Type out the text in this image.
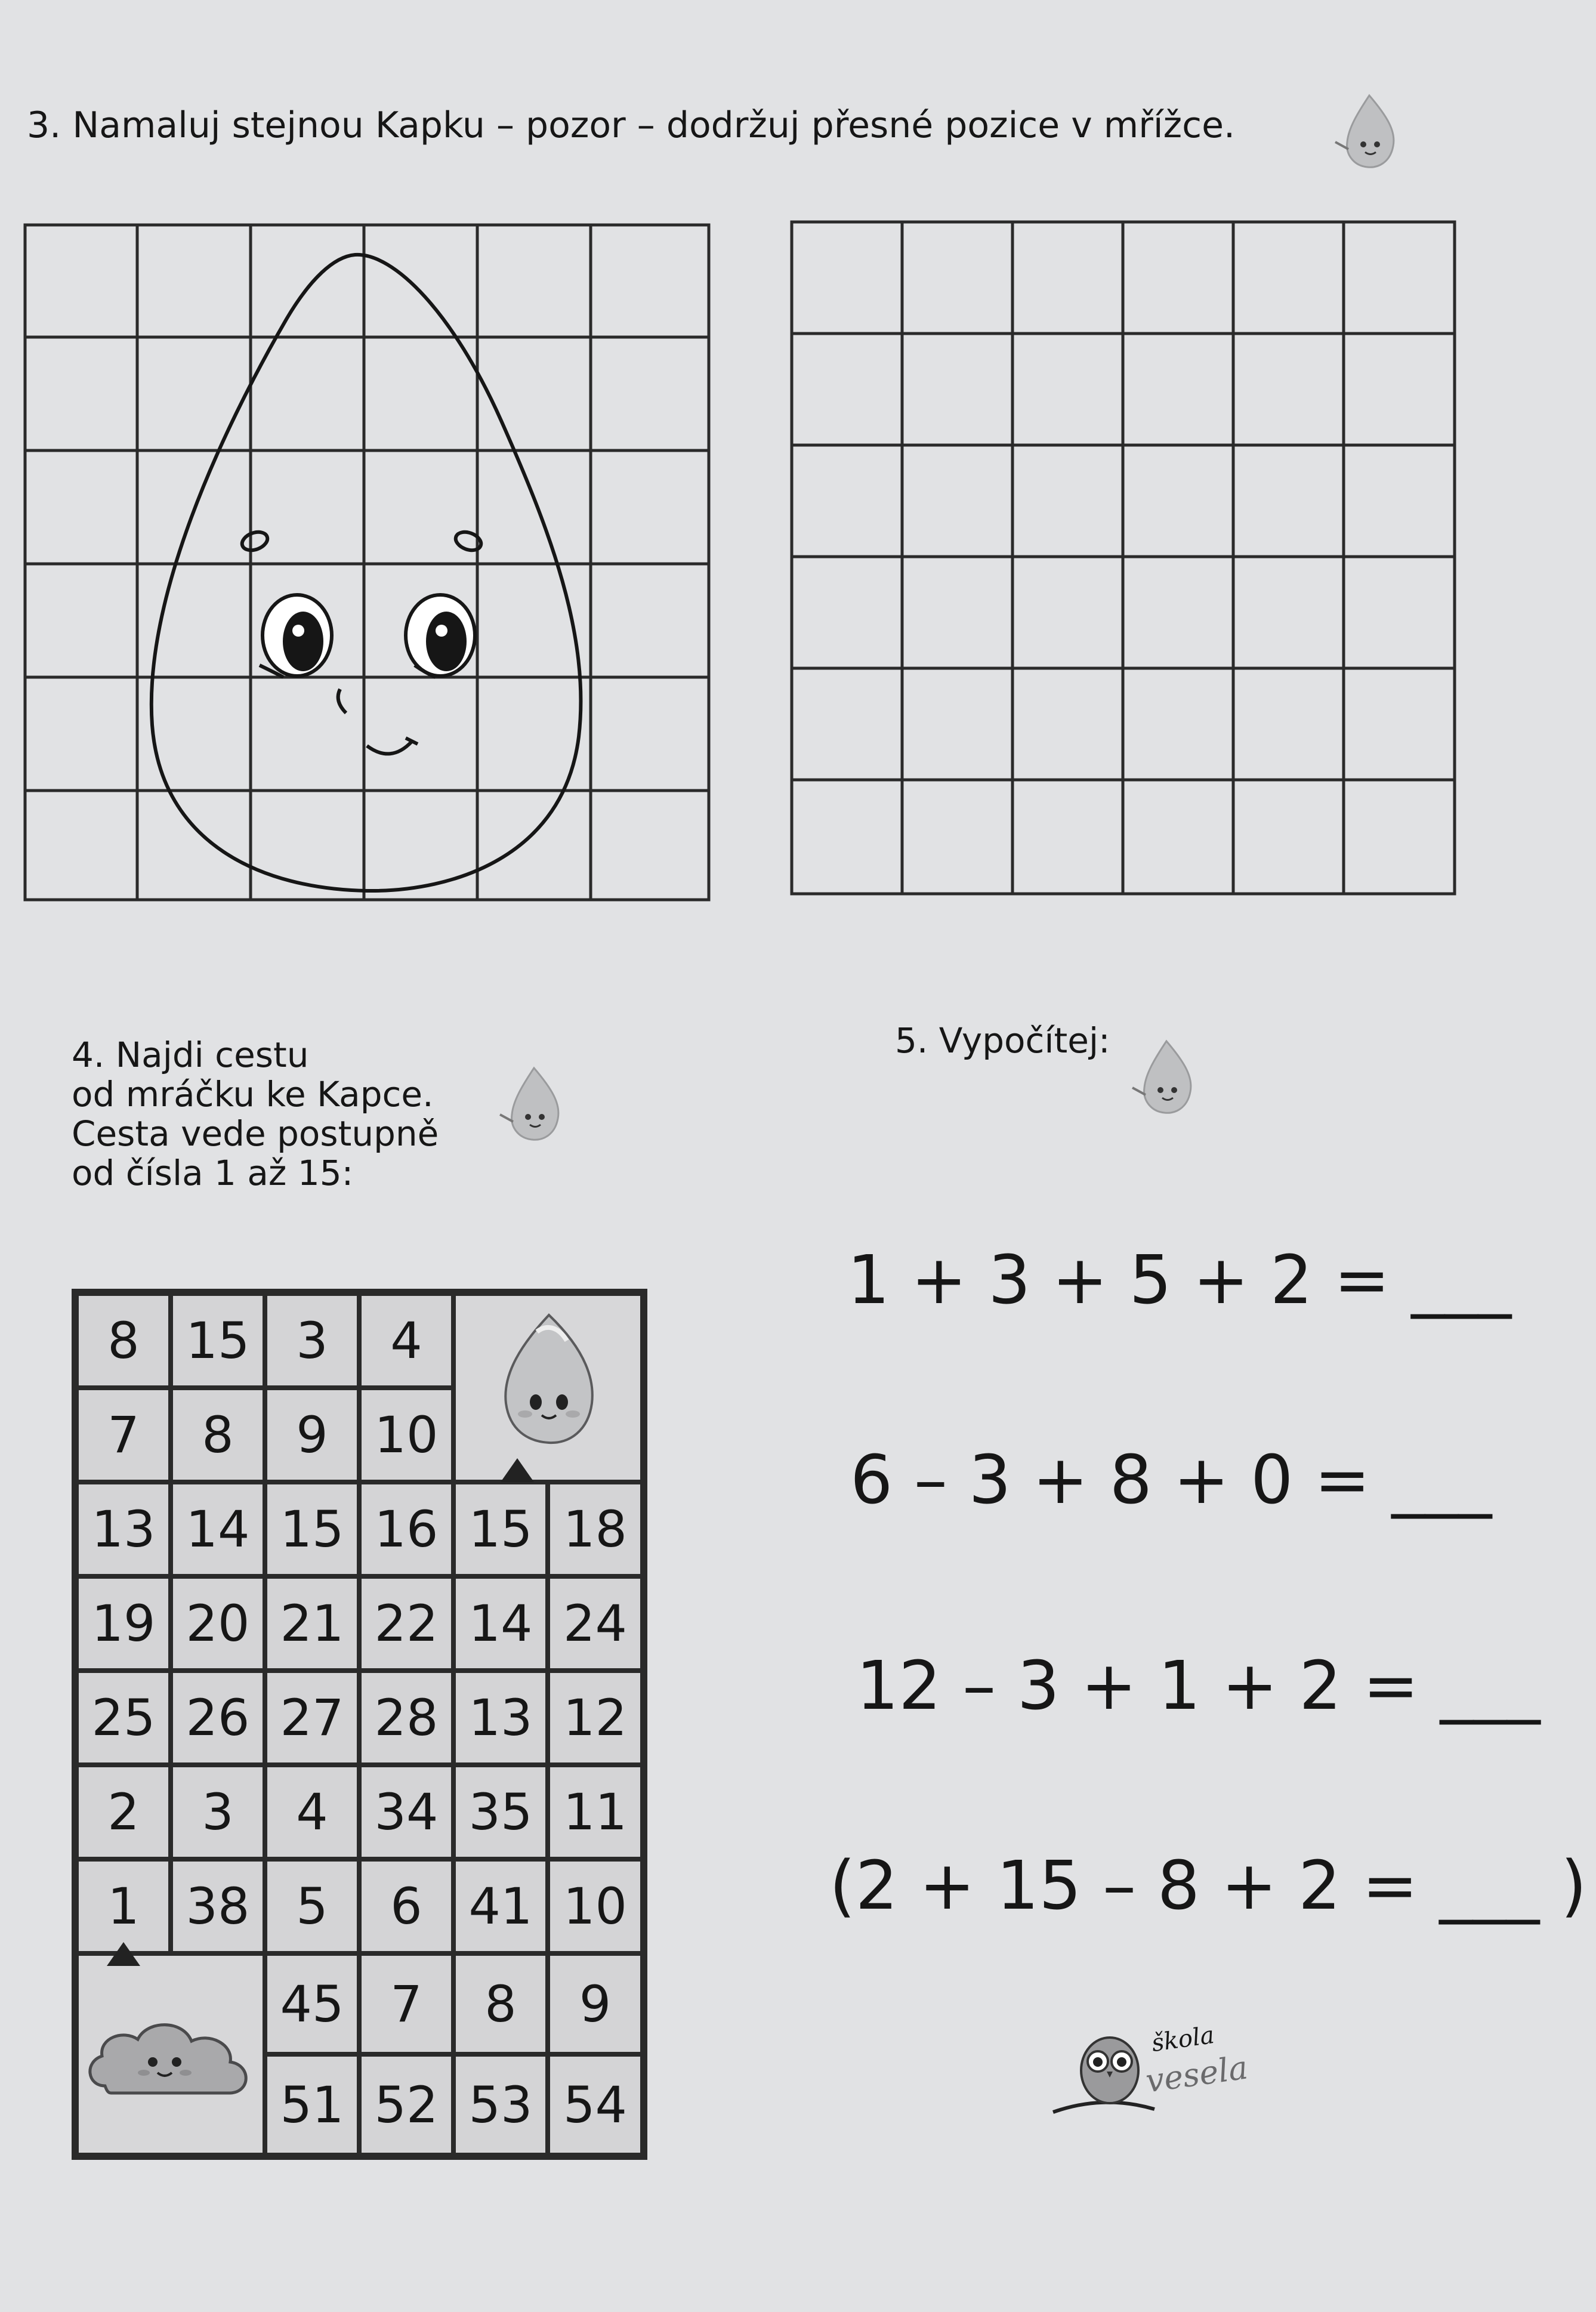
3. Namaluj stejnou Kapku – pozor – dodržuj přesné pozice v mřížce.
4. Najdi cestu
od mráčku ke Kapce.
Cesta vede postupně
od čísla 1 až 15:
5. Vypočítej:
8 15 3	4
7	8	9 10
13 14 15 16 15 18
19 20 21 22 14 24
25 26 27 28 13 12
2	3	4 34 35 11
1 38 5	6 41 10
45 7	8	9
51 52 53 54
1 + 3 + 5 + 2 = ___
6 – 3 + 8 + 0 = ___
12 – 3 + 1 + 2 = ___
(2 + 15 – 8 + 2 = ___ )
škola
vesela
